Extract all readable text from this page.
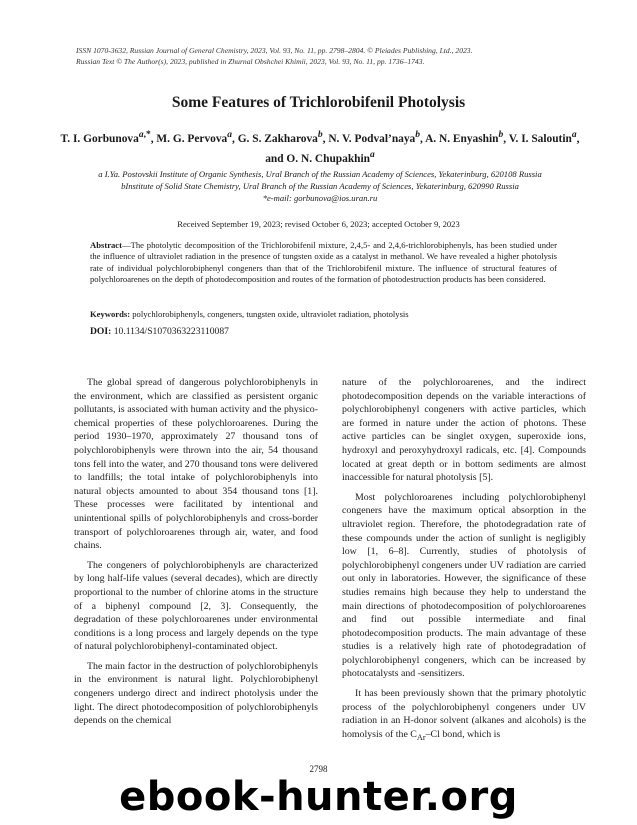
ISSN 1070-3632, Russian Journal of General Chemistry, 2023, Vol. 93, No. 11, pp. 2798–2804. © Pleiades Publishing, Ltd., 2023.
Russian Text © The Author(s), 2023, published in Zhurnal Obshchei Khimii, 2023, Vol. 93, No. 11, pp. 1736–1743.
Some Features of Trichlorobifenil Photolysis
T. I. Gorbunova$^{a,*}$, M. G. Pervova$^a$, G. S. Zakharova$^b$, N. V. Podval’naya$^b$, A. N. Enyashin$^b$, V. I. Saloutin$^a$, and O. N. Chupakhin$^a$
a I.Ya. Postovskii Institute of Organic Synthesis, Ural Branch of the Russian Academy of Sciences, Yekaterinburg, 620108 Russia
bInstitute of Solid State Chemistry, Ural Branch of the Russian Academy of Sciences, Yekaterinburg, 620990 Russia
*e-mail: gorbunova@ios.uran.ru
Received September 19, 2023; revised October 6, 2023; accepted October 9, 2023
Abstract—The photolytic decomposition of the Trichlorobifenil mixture, 2,4,5- and 2,4,6-trichlorobiphenyls, has been studied under the influence of ultraviolet radiation in the presence of tungsten oxide as a catalyst in methanol. We have revealed a higher photolysis rate of individual polychlorobiphenyl congeners than that of the Trichlorobifenil mixture. The influence of structural features of polychloroarenes on the depth of photodecomposition and routes of the formation of photodestruction products has been considered.
Keywords: polychlorobiphenyls, congeners, tungsten oxide, ultraviolet radiation, photolysis
DOI: 10.1134/S1070363223110087

The global spread of dangerous polychlorobiphenyls in the environment, which are classified as persistent organic pollutants, is associated with human activity and the physico-chemical properties of these polychloroarenes. During the period 1930–1970, approximately 27 thousand tons of polychlorobiphenyls were thrown into the air, 54 thousand tons fell into the water, and 270 thousand tons were delivered to landfills; the total intake of polychlorobiphenyls into natural objects amounted to about 354 thousand tons [1]. These processes were facilitated by intentional and unintentional spills of polychlorobiphenyls and cross-border transport of polychloroarenes through air, water, and food chains.

The congeners of polychlorobiphenyls are characterized by long half-life values (several decades), which are directly proportional to the number of chlorine atoms in the structure of a biphenyl compound [2, 3]. Consequently, the degradation of these polychloroarenes under environmental conditions is a long process and largely depends on the type of natural polychlorobiphenyl-contaminated object.

The main factor in the destruction of polychlorobiphenyls in the environment is natural light. Polychlorobiphenyl congeners undergo direct and indirect photolysis under the light. The direct photodecomposition of polychlorobiphenyls depends on the chemical

nature of the polychloroarenes, and the indirect photodecomposition depends on the variable interactions of polychlorobiphenyl congeners with active particles, which are formed in nature under the action of photons. These active particles can be singlet oxygen, superoxide ions, hydroxyl and peroxyhydroxyl radicals, etc. [4]. Compounds located at great depth or in bottom sediments are almost inaccessible for natural photolysis [5].

Most polychloroarenes including polychlorobiphenyl congeners have the maximum optical absorption in the ultraviolet region. Therefore, the photodegradation rate of these compounds under the action of sunlight is negligibly low [1, 6–8]. Currently, studies of photolysis of polychlorobiphenyl congeners under UV radiation are carried out only in laboratories. However, the significance of these studies remains high because they help to understand the main directions of photodecomposition of polychloroarenes and find out possible intermediate and final photodecomposition products. The main advantage of these studies is a relatively high rate of photodegradation of polychlorobiphenyl congeners, which can be increased by photocatalysts and -sensitizers.

It has been previously shown that the primary photolytic process of the polychlorobiphenyl congeners under UV radiation in an H-donor solvent (alkanes and alcohols) is the homolysis of the $C_{Ar}-Cl$ bond, which is

2798
ebook-hunter.org
